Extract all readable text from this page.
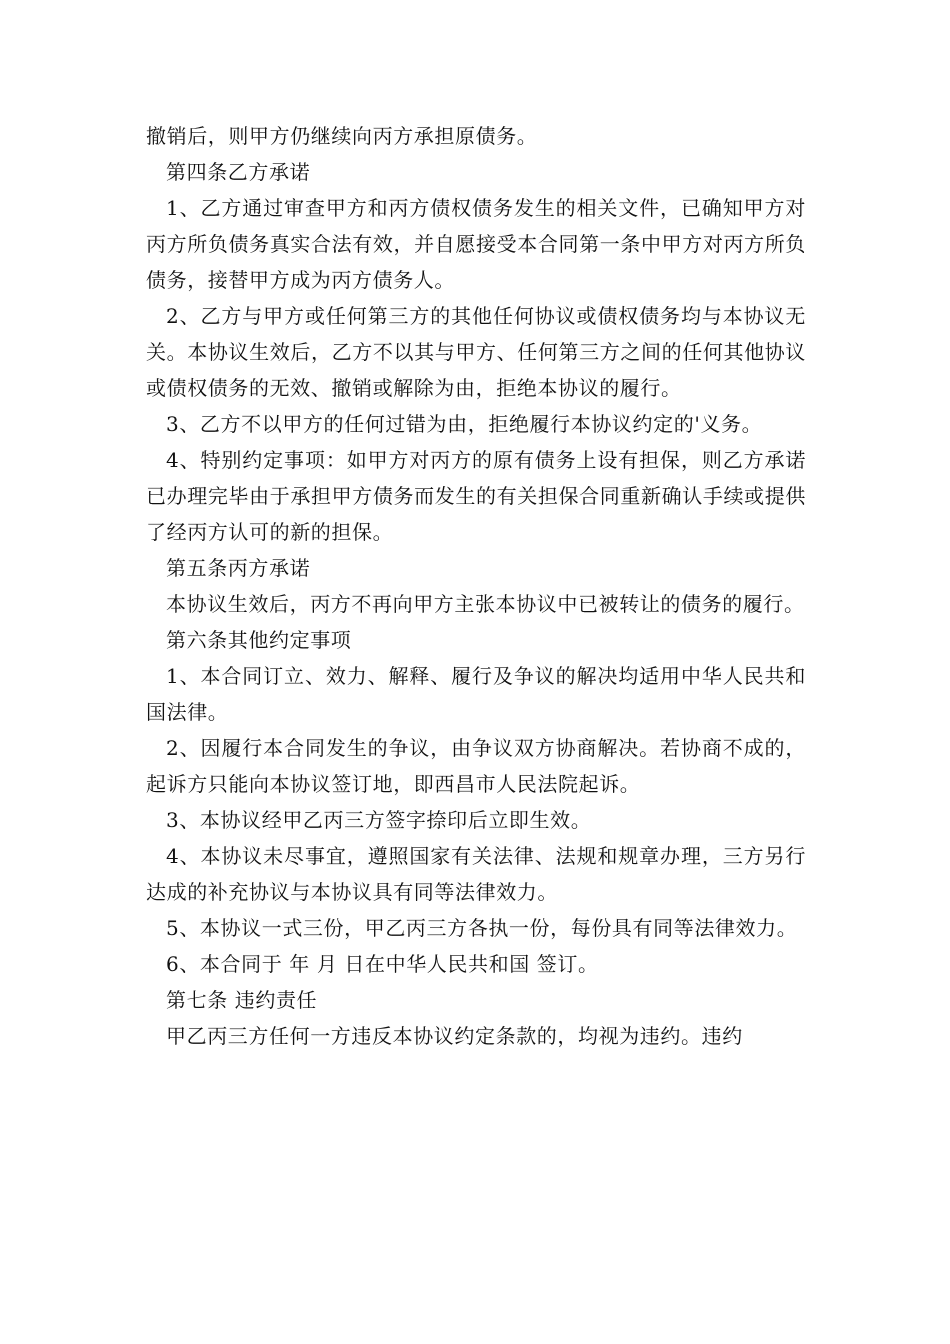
撤销后，则甲方仍继续向丙方承担原债务。

第四条乙方承诺

1、乙方通过审查甲方和丙方债权债务发生的相关文件，已确知甲方对丙方所负债务真实合法有效，并自愿接受本合同第一条中甲方对丙方所负债务，接替甲方成为丙方债务人。

2、乙方与甲方或任何第三方的其他任何协议或债权债务均与本协议无关。本协议生效后，乙方不以其与甲方、任何第三方之间的任何其他协议或债权债务的无效、撤销或解除为由，拒绝本协议的履行。

3、乙方不以甲方的任何过错为由，拒绝履行本协议约定的'义务。

4、特别约定事项：如甲方对丙方的原有债务上设有担保，则乙方承诺已办理完毕由于承担甲方债务而发生的有关担保合同重新确认手续或提供了经丙方认可的新的担保。

第五条丙方承诺

本协议生效后，丙方不再向甲方主张本协议中已被转让的债务的履行。

第六条其他约定事项

1、本合同订立、效力、解释、履行及争议的解决均适用中华人民共和国法律。

2、因履行本合同发生的争议，由争议双方协商解决。若协商不成的，起诉方只能向本协议签订地，即西昌市人民法院起诉。

3、本协议经甲乙丙三方签字捺印后立即生效。

4、本协议未尽事宜，遵照国家有关法律、法规和规章办理，三方另行达成的补充协议与本协议具有同等法律效力。

5、本协议一式三份，甲乙丙三方各执一份，每份具有同等法律效力。

6、本合同于 年 月 日在中华人民共和国 签订。

第七条 违约责任

甲乙丙三方任何一方违反本协议约定条款的，均视为违约。违约
